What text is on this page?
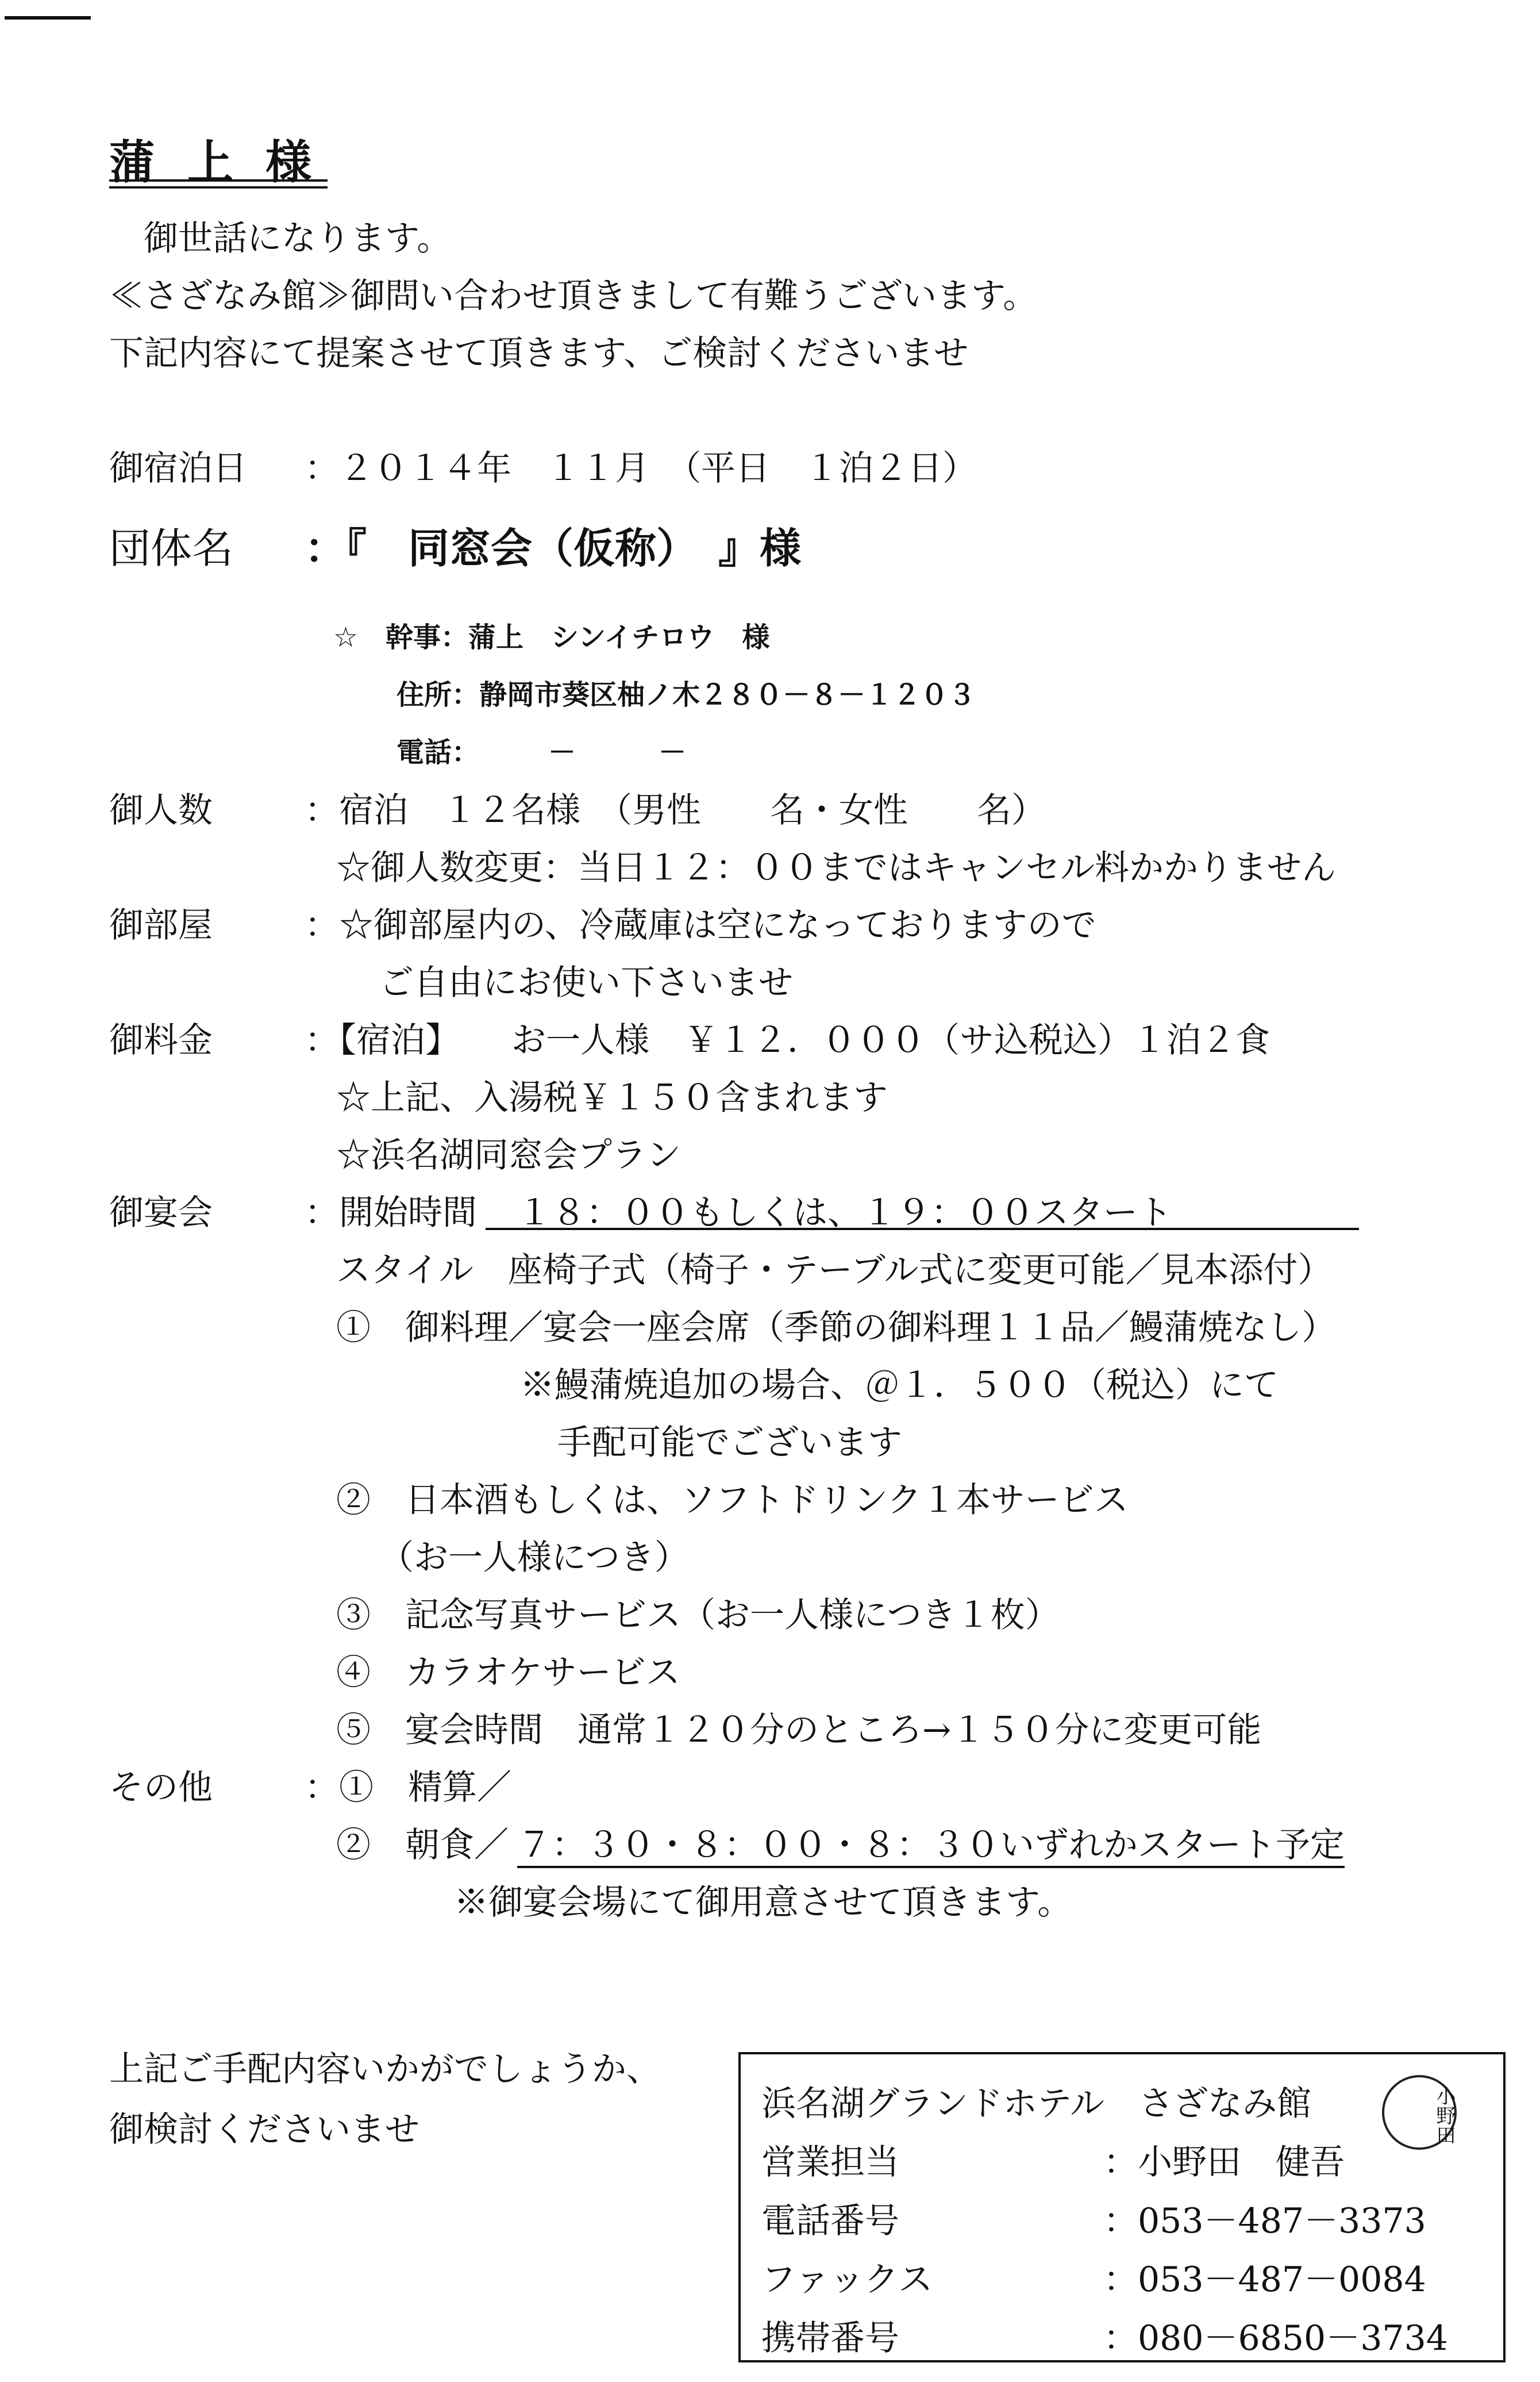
蒲上様
御世話になります。
≪さざなみ館≫御問い合わせ頂きまして有難うございます。
下記内容にて提案させて頂きます、ご検討くださいませ
御宿泊日 ：２０１４年　１１月　（平日　１泊２日）
団体名 ：『　同窓会（仮称）　』様
☆　幹事：蒲上　シンイチロウ　様
住所：静岡市葵区柚ノ木２８０－８－１２０３
電話：　　　－　　　－
御人数	：宿泊　１２名様　（男性　　名・女性　　名）
☆御人数変更：当日１２：００まではキャンセル料かかりません
御部屋	：☆御部屋内の、冷蔵庫は空になっておりますので
ご自由にお使い下さいませ
御料金	：【宿泊】　　お一人様　￥１２．０００（サ込税込）１泊２食
☆上記、入湯税￥１５０含まれます
☆浜名湖同窓会プラン
御宴会	：開始時間 １８：００もしくは、１９：００スタート
スタイル　座椅子式（椅子・テーブル式に変更可能／見本添付）
①　御料理／宴会一座会席（季節の御料理１１品／鰻蒲焼なし）
※鰻蒲焼追加の場合、＠１．５００（税込）にて
手配可能でございます
②　日本酒もしくは、ソフトドリンク１本サービス
（お一人様につき）
③　記念写真サービス（お一人様につき１枚）
④　カラオケサービス
⑤　宴会時間　通常１２０分のところ→１５０分に変更可能
その他	：①　精算／
②　朝食／ ７：３０・８：００・８：３０いずれかスタート予定
※御宴会場にて御用意させて頂きます。
上記ご手配内容いかがでしょうか、
御検討くださいませ
浜名湖グランドホテル　さざなみ館
営業担当	：小野田　健吾
電話番号	：053－487－3373
ファックス	：053－487－0084
携帯番号	：080－6850－3734
小野田
